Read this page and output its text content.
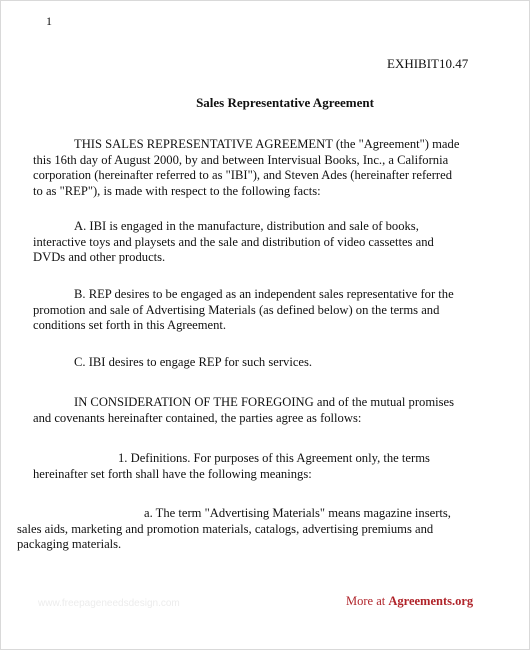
1
EXHIBIT10.47
Sales Representative Agreement
THIS SALES REPRESENTATIVE AGREEMENT (the "Agreement") made
this 16th day of August 2000, by and between Intervisual Books, Inc., a California
corporation (hereinafter referred to as "IBI"), and Steven Ades (hereinafter referred
to as "REP"), is made with respect to the following facts:
A. IBI is engaged in the manufacture, distribution and sale of books,
interactive toys and playsets and the sale and distribution of video cassettes and
DVDs and other products.
B. REP desires to be engaged as an independent sales representative for the
promotion and sale of Advertising Materials (as defined below) on the terms and
conditions set forth in this Agreement.
C. IBI desires to engage REP for such services.
IN CONSIDERATION OF THE FOREGOING and of the mutual promises
and covenants hereinafter contained, the parties agree as follows:
1. Definitions. For purposes of this Agreement only, the terms
hereinafter set forth shall have the following meanings:
a. The term "Advertising Materials" means magazine inserts,
sales aids, marketing and promotion materials, catalogs, advertising premiums and
packaging materials.
www.freepageneedsdesign.com	More at Agreements.org
